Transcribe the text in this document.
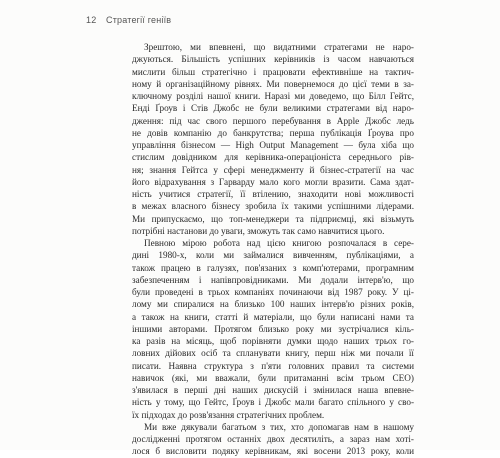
12 Стратегії геніїв
Зрештою, ми впевнені, що видатними стратегами не наро-
джуються. Більшість успішних керівників із часом навчаються
мислити більш стратегічно і працювати ефективніше на тактич-
ному й організаційному рівнях. Ми повернемося до цієї теми в за-
ключному розділі нашої книги. Наразі ми доведемо, що Білл Гейтс,
Енді Ґроув і Стів Джобс не були великими стратегами від наро-
дження: під час свого першого перебування в Apple Джобс ледь
не довів компанію до банкрутства; перша публікація Ґроува про
управління бізнесом — High Output Management — була хіба що
стислим довідником для керівника-операціоніста середнього рів-
ня; знання Гейтса у сфері менеджменту й бізнес-стратегії на час
його відрахування з Гарварду мало кого могли вразити. Cама здат-
ність учитися стратегії, її втілению, знаходити нові можливості
в межах власного бізнесу зробила їх такими успішними лідерами.
Ми припускаємо, що топ-менеджери та підприємці, які візьмуть
потрібні настанови до уваги, зможуть так само навчитися цього.
Певною мірою робота над цією книгою розпочалася в сере-
дині 1980-х, коли ми займалися вивченням, публікаціями, а
також працею в галузях, пов'язаних з комп'ютерами, програмним
забезпеченням і напівпровідниками. Ми додали інтерв'ю, що
були проведені в трьох компаніях починаючи від 1987 року. У ці-
лому ми спиралися на близько 100 наших інтерв'ю різних років,
а також на книги, статті й матеріали, що були написані нами та
іншими авторами. Протягом близько року ми зустрічалися кіль-
ка разів на місяць, щоб порівняти думки щодо наших трьох го-
ловних дійових осіб та спланувати книгу, перш ніж ми почали її
писати. Наявна структура з п'яти головних правил та системи
навичок (які, ми вважали, були притаманні всім трьом CEO)
з'явилася в перші дні наших дискусій і змінилася наша впевне-
ність у тому, що Гейтс, Ґроув і Джобс мали багато спільного у сво-
їх підходах до розв'язання стратегічних проблем.
Ми вже дякували багатьом з тих, хто допомагав нам в нашому
дослідженні протягом останніх двох десятиліть, а зараз нам хоті-
лося б висловити подяку керівникам, які восени 2013 року, коли
